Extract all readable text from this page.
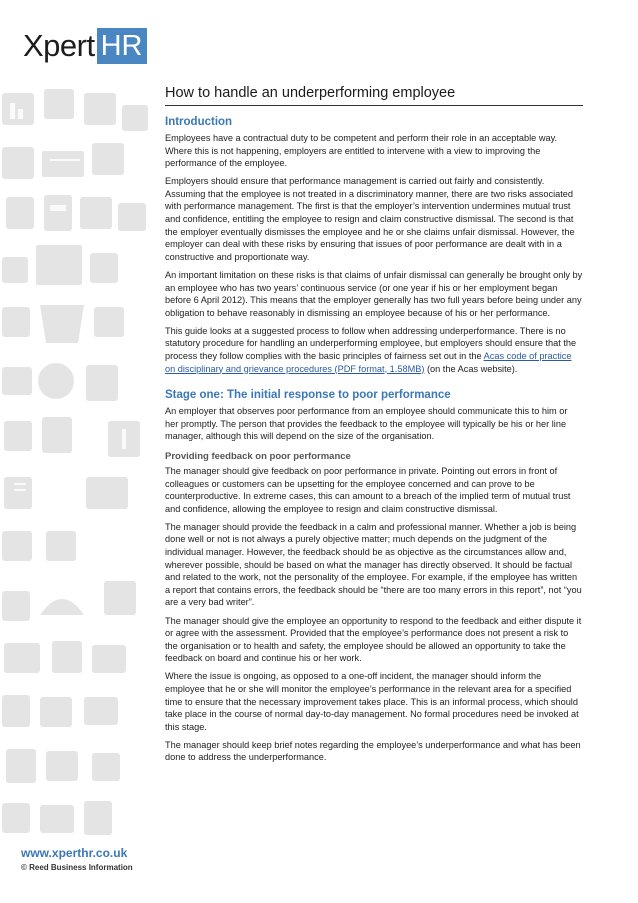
Xpert HR
How to handle an underperforming employee
Introduction

Employees have a contractual duty to be competent and perform their role in an acceptable way. Where this is not happening, employers are entitled to intervene with a view to improving the performance of the employee.

Employers should ensure that performance management is carried out fairly and consistently. Assuming that the employee is not treated in a discriminatory manner, there are two risks associated with performance management. The first is that the employer’s intervention undermines mutual trust and confidence, entitling the employee to resign and claim constructive dismissal. The second is that the employer eventually dismisses the employee and he or she claims unfair dismissal. However, the employer can deal with these risks by ensuring that issues of poor performance are dealt with in a constructive and proportionate way.

An important limitation on these risks is that claims of unfair dismissal can generally be brought only by an employee who has two years’ continuous service (or one year if his or her employment began before 6 April 2012). This means that the employer generally has two full years before being under any obligation to behave reasonably in dismissing an employee because of his or her performance.

This guide looks at a suggested process to follow when addressing underperformance. There is no statutory procedure for handling an underperforming employee, but employers should ensure that the process they follow complies with the basic principles of fairness set out in the Acas code of practice on disciplinary and grievance procedures (PDF format, 1.58MB) (on the Acas website).

Stage one: The initial response to poor performance

An employer that observes poor performance from an employee should communicate this to him or her promptly. The person that provides the feedback to the employee will typically be his or her line manager, although this will depend on the size of the organisation.

Providing feedback on poor performance

The manager should give feedback on poor performance in private. Pointing out errors in front of colleagues or customers can be upsetting for the employee concerned and can prove to be counterproductive. In extreme cases, this can amount to a breach of the implied term of mutual trust and confidence, allowing the employee to resign and claim constructive dismissal.

The manager should provide the feedback in a calm and professional manner. Whether a job is being done well or not is not always a purely objective matter; much depends on the judgment of the individual manager. However, the feedback should be as objective as the circumstances allow and, wherever possible, should be based on what the manager has directly observed. It should be factual and related to the work, not the personality of the employee. For example, if the employee has written a report that contains errors, the feedback should be “there are too many errors in this report”, not “you are a very bad writer”.

The manager should give the employee an opportunity to respond to the feedback and either dispute it or agree with the assessment. Provided that the employee’s performance does not present a risk to the organisation or to health and safety, the employee should be allowed an opportunity to take the feedback on board and continue his or her work.

Where the issue is ongoing, as opposed to a one-off incident, the manager should inform the employee that he or she will monitor the employee’s performance in the relevant area for a specified time to ensure that the necessary improvement takes place. This is an informal process, which should take place in the course of normal day-to-day management. No formal procedures need be invoked at this stage.

The manager should keep brief notes regarding the employee’s underperformance and what has been done to address the underperformance.

www.xperthr.co.uk
© Reed Business Information
